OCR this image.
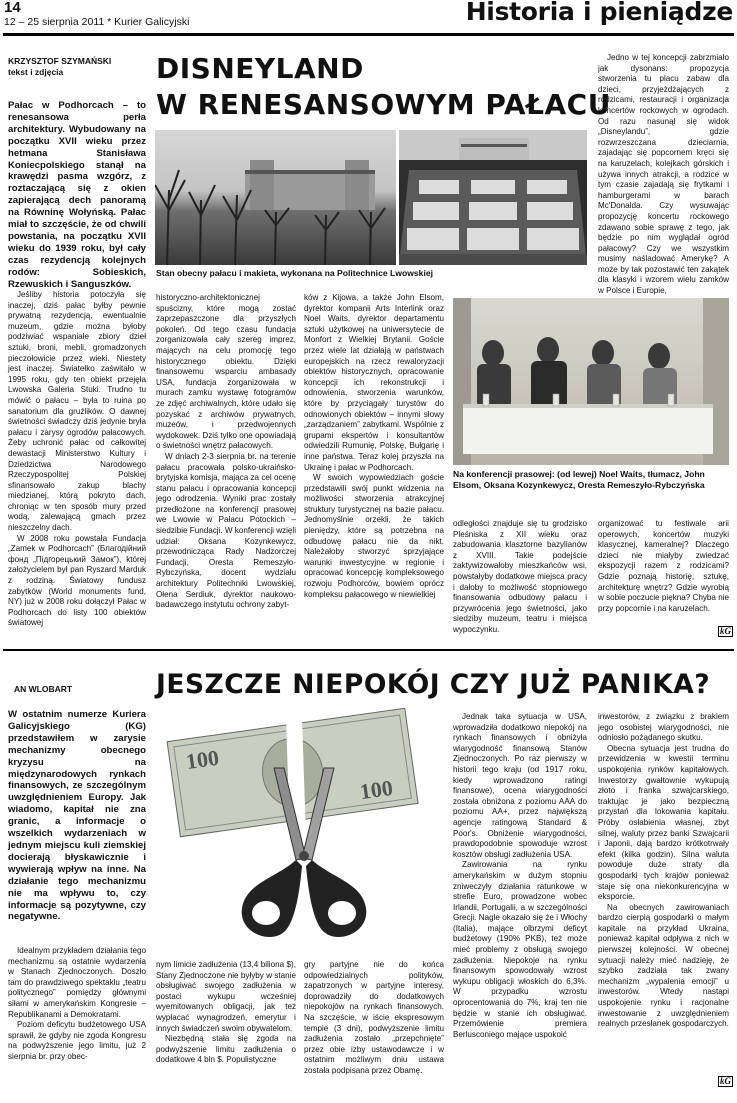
14
12 – 25 sierpnia 2011 * Kurier Galicyjski	Historia i pieniądze
KRZYSZTOF SZYMAŃSKI
tekst i zdjęcia	DISNEYLAND
W RENESANSOWYM PAŁACU
Pałac w Podhorcach – to renesansowa perła architektury. Wybudowany na początku XVII wieku przez hetmana Stanisława Koniecpolskiego stanął na krawędzi pasma wzgórz, z roztaczającą się z okien zapierającą dech panoramą na Równinę Wołyńską. Pałac miał to szczęście, że od chwili powstania, na początku XVII wieku do 1939 roku, był cały czas rezydencją kolejnych rodów: Sobieskich, Rzewuskich i Sanguszków.

Jeśliby historia potoczyła się inaczej, dziś pałac byłby pewnie prywatną rezydencją, ewentualnie muzeum, gdzie można byłoby podziwiać wspaniałe zbiory dzieł sztuki, broni, mebli, gromadzonych pieczołowicie przez wieki. Niestety jest inaczej. Światełko zaświtało w 1995 roku, gdy ten obiekt przejęła Lwowska Galeria Stuki. Trudno tu mówić o pałacu – była to ruina po sanatorium dla gruźlików. O dawnej świetności świadczy dziś jedynie bryła pałacu i zarysy ogrodów pałacowych. Żeby uchronić pałac od całkowitej dewastacji Ministerstwo Kultury i Dziedzictwa Narodowego Rzeczypospolitej Polskiej sfinansowało zakup blachy miedzianej, którą pokryto dach, chroniąc w ten sposób mury przed wodą, zalewającą gmach przez nieszczelny dach.

W 2008 roku powstała Fundacja „Zamek w Podhorcach” (Благодійний фонд „Підгорецький Замок”), której założycielem był pan Ryszard Marduk z rodziną. Światowy fundusz zabytków (World monuments fund, NY) już w 2008 roku dołączył Pałac w Podhorcach do listy 100 obiektów światowej

Stan obecny pałacu i makieta, wykonana na Politechnice Lwowskiej

Jedno w tej koncepcji zabrzmiało jak dysonans: propozycja stworzenia tu placu zabaw dla dzieci, przyjeżdżających z rodzicami, restauracji i organizacja koncertów rockowych w ogrodach. Od razu nasunął się widok „Disneylandu”, gdzie rozwrzeszczana dzieciarnia, zajadając się popcornem kręci się na karuzelach, kolejkach górskich i używa innych atrakcji, a rodzice w tym czasie zajadają się frytkami i hamburgerami w barach Mc'Donalda. Czy wysuwając propozycję koncertu rockowego zdawano sobie sprawę z tego, jak będzie po nim wyglądał ogród pałacowy? Czy we wszystkim musimy naśladować Amerykę? A może by tak pozostawić ten zakątek dla klasyki i wzorem wielu zamków w Polsce i Europie,

historyczno-architektonicznej spuścizny, które mogą zostać zaprzepaszczone dla przyszłych pokoleń. Od tego czasu fundacja zorganizowała cały szereg imprez, mających na celu promocję tego historycznego obiektu. Dzięki finansowemu wsparciu ambasady USA, fundacja zorganizowała w murach zamku wystawę fotogramów ze zdjęć archiwalnych, które udało się pozyskać z archiwów prywatnych, muzeów, i przedwojennych wydokowek. Dziś tylko one opowiadają o świetności wnętrz pałacowych.

W dniach 2-3 sierpnia br. na terenie pałacu pracowała polsko-ukraińsko-brytyjska komisja, mająca za cel ocenę stanu pałacu i opracowania koncepcji jego odrodzenia. Wyniki prac zostały przedłożone na konferencji prasowej we Lwowie w Pałacu Potockich – siedzibie Fundacji. W konferencji wzięli udział: Oksana Kozynkewycz, przewodnicząca Rady Nadzorczej Fundacji, Oresta Remeszyło-Rybczyńska, docent wydziału architektury Politechniki Lwowskiej, Ołena Serdiuk, dyrektor naukowo-badawczego instytutu ochrony zabyt-

ków z Kijowa, a także John Elsom, dyrektor kompanii Arts Interlink oraz Noel Waits, dyrektor departamentu sztuki użytkowej na uniwersytecie de Monfort z Wielkiej Brytanii. Goście przez wiele lat działają w państwach europejskich na rzecz rewaloryzacji obiektów historycznych, opracowanie koncepcji ich rekonstrukcji i odnowienia, stworzenia warunków, które by przyciągały turystów do odnowionych obiektów – innymi słowy „zarządzaniem” zabytkami. Wspólnie z grupami ekspertów i konsultantów odwiedzili Rumunię, Polskę, Bułgarię i inne państwa. Teraz kolej przyszła na Ukrainę i pałac w Podhorcach.

W swoich wypowiedziach goście przedstawili swój punkt widzenia na możliwości stworzenia atrakcyjnej struktury turystycznej na bazie pałacu. Jednomyślnie orzekli, że takich pieniędzy, które są potrzebna na odbudowę pałacu nie da nikt. Należałoby stworzyć sprzyjające warunki inwestycyjne w regionie i opracować koncepcję kompleksowego rozwoju Podhorców, bowiem oprócz kompleksu pałacowego w niewielkiej

Na konferencji prasowej: (od lewej) Noel Waits, tłumacz, John Elsom, Oksana Kozynkewycz, Oresta Remeszyło-Rybczyńska

odległości znajduje się tu grodzisko Pleśniska z XII wieku oraz zabudowania klasztorne bazylianów z XVIII. Takie podejście zaktywizowałoby mieszkańców wsi, powstałyby dodatkowe miejsca pracy i dałoby to możliwość stopniowego finansowania odbudowy pałacu i przywrócenia jego świetności, jako siedziby muzeum, teatru i miejsca wypoczynku.

organizować tu festiwale arii operowych, koncertów muzyki klasycznej, kameralnej? Dlaczego dzieci nie miałyby zwiedzać ekspozycji razem z rodzicami? Gdzie poznają historię, sztukę, architekturę wnętrz? Gdzie wyrobią w sobie poczucie piękna? Chyba nie przy popcornie i na karuzelach.

kG
AN WLOBART	JESZCZE NIEPOKÓJ CZY JUŻ PANIKA?
W ostatnim numerze Kuriera Galicyjskiego (KG) przedstawiłem w zarysie mechanizmy obecnego kryzysu na międzynarodowych rynkach finansowych, ze szczególnym uwzględnieniem Europy. Jak wiadomo, kapitał nie zna granic, a informacje o wszelkich wydarzeniach w jednym miejscu kuli ziemskiej docierają błyskawicznie i wywierają wpływ na inne. Na działanie tego mechanizmu nie ma wpływu to, czy informacje są pozytywne, czy negatywne.

Idealnym przykładem działania tego mechanizmu są ostatnie wydarzenia w Stanach Zjednoczonych. Doszło tam do prawdziwego spektaklu „teatru politycznego” pomiędzy głównymi siłami w amerykańskim Kongresie – Republikanami a Demokratami.

Poziom deficytu budżetowego USA sprawił, że gdyby nie zgoda Kongresu na podwyższenie jego limitu, już 2 sierpnia br. przy obec-

100
100

nym limicie zadłużenia (13,4 biliona $), Stany Zjednoczone nie byłyby w stanie obsługiwać swojego zadłużenia w postaci wykupu wcześniej wyemitowanych obligacji, jak też wypłacać wynagrodzeń, emerytur i innych świadczeń swoim obywatelom.

Niezbędną stała się zgoda na podwyższenie limitu zadłużenia o dodatkowe 4 bln $. Populistyczne

gry partyjne nie do końca odpowiedzialnych polityków, zapatrzonych w partyjne interesy, doprowadziły do dodatkowych niepokojów na rynkach finansowych. Na szczęście, w iście ekspresowym tempie (3 dni), podwyższenie limitu zadłużenia zostało „przepchnięte” przez obie izby ustawodawcze i w ostatnim możliwym dniu ustawa została podpisana przez Obamę.

Jednak taka sytuacja w USA, wprowadziła dodatkowo niepokój na rynkach finansowych i obniżyła wiarygodność finansową Stanów Zjednoczonych. Po raz pierwszy w historii tego kraju (od 1917 roku, kiedy wprowadzono ratingi finansowe), ocena wiarygodności została obniżona z poziomu AAA do poziomu AA+, przez największą agencje ratingową Standard & Poor's. Obniżenie wiarygodności, prawdopodobnie spowoduje wzrost kosztów obsługi zadłużenia USA.

Zawirowania na rynku amerykańskim w dużym stopniu zniweczyły działania ratunkowe w strefie Euro, prowadzone wobec Irlandii, Portugalii, a w szczególności Grecji. Nagle okazało się że i Włochy (Italia), mające olbrzymi deficyt budżetowy (190% PKB), też może mieć problemy z obsługą swojego zadłużenia. Niepokoje na rynku finansowym spowodowały wzrost wykupu obligacji włoskich do 6,3%. W przypadku wzrostu oprocentowania do 7%, kraj ten nie będzie w stanie ich obsługiwać. Przemówienie premiera Berlusconiego mające uspokoić

inwestorów, z związku z brakiem jego osobistej wiarygodności, nie odniosło pożądanego skutku.

Obecna sytuacja jest trudna do przewidzenia w kwestii terminu uspokojenia rynków kapitałowych. Inwestorzy gwałtownie wykupują złoto i franka szwajcarskiego, traktując je jako bezpieczną przystań dla lokowania kapitału. Próby osłabienia własnej, zbyt silnej, waluty przez banki Szwajcarii i Japonii, dają bardzo krótkotrwały efekt (kilka godzin). Silna waluta powoduje duże straty dla gospodarki tych krajów ponieważ staje się ona niekonkurencyjna w eksporcie.

Na obecnych zawirowaniach bardzo cierpią gospodarki o małym kapitale na przykład Ukraina, ponieważ kapitał odpływa z nich w pierwszej kolejności. W obecnej sytuacji należy mieć nadzieję, że szybko zadziała tak zwany mechanizm „wypalenia emocji” u inwestorów. Wtedy nastąpi uspokojenie rynku i racjonalne inwestowanie z uwzględnieniem realnych przesłanek gospodarczych.

kG
